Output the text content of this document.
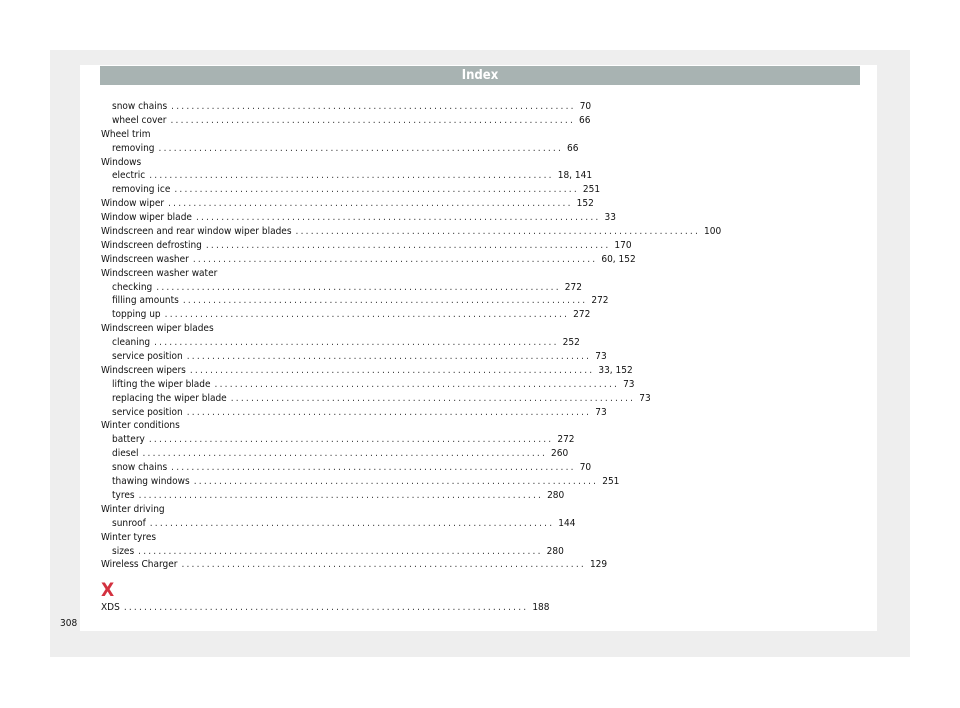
Index
snow chains ................................................................................ 70
wheel cover ................................................................................ 66
Wheel trim
removing ................................................................................ 66
Windows
electric ................................................................................ 18, 141
removing ice ................................................................................ 251
Window wiper ................................................................................ 152
Window wiper blade ................................................................................ 33
Windscreen and rear window wiper blades ................................................................................ 100
Windscreen defrosting ................................................................................ 170
Windscreen washer ................................................................................ 60, 152
Windscreen washer water
checking ................................................................................ 272
filling amounts ................................................................................ 272
topping up ................................................................................ 272
Windscreen wiper blades
cleaning ................................................................................ 252
service position ................................................................................ 73
Windscreen wipers ................................................................................ 33, 152
lifting the wiper blade ................................................................................ 73
replacing the wiper blade ................................................................................ 73
service position ................................................................................ 73
Winter conditions
battery ................................................................................ 272
diesel ................................................................................ 260
snow chains ................................................................................ 70
thawing windows ................................................................................ 251
tyres ................................................................................ 280
Winter driving
sunroof ................................................................................ 144
Winter tyres
sizes ................................................................................ 280
Wireless Charger ................................................................................ 129
X
XDS ................................................................................ 188
308
